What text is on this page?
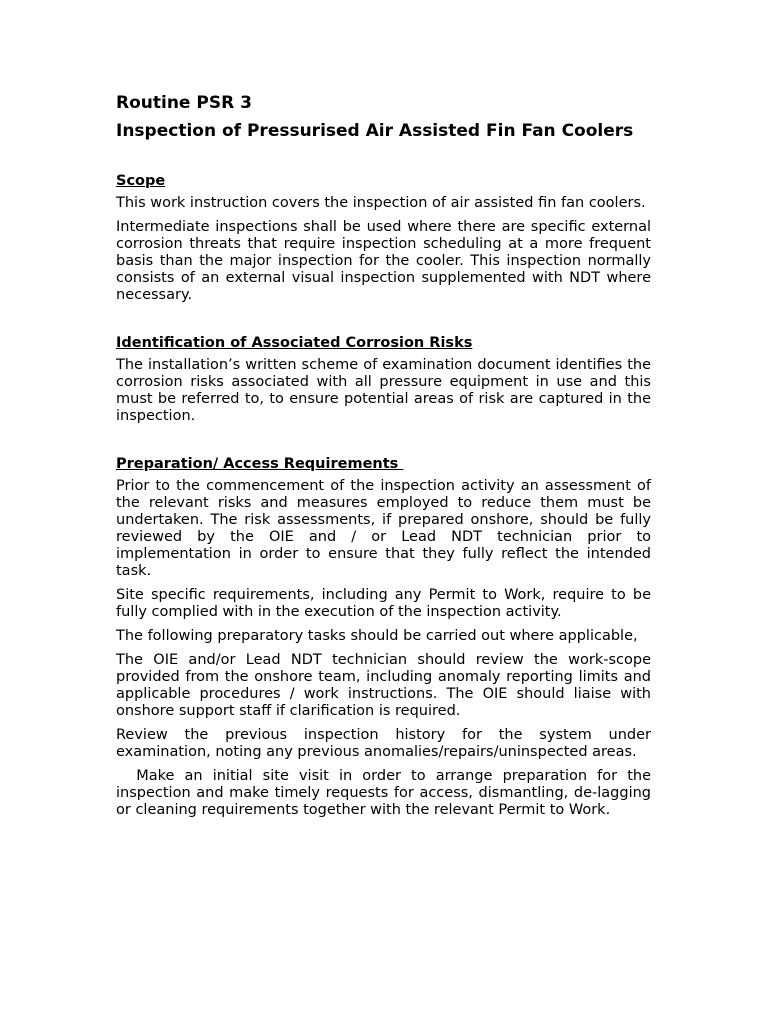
Routine PSR 3
Inspection of Pressurised Air Assisted Fin Fan Coolers
Scope

This work instruction covers the inspection of air assisted fin fan coolers.

Intermediate inspections shall be used where there are specific external corrosion threats that require inspection scheduling at a more frequent basis than the major inspection for the cooler. This inspection normally consists of an external visual inspection supplemented with NDT where necessary.

Identification of Associated Corrosion Risks

The installation’s written scheme of examination document identifies the corrosion risks associated with all pressure equipment in use and this must be referred to, to ensure potential areas of risk are captured in the inspection.

Preparation/ Access Requirements

Prior to the commencement of the inspection activity an assessment of the relevant risks and measures employed to reduce them must be undertaken. The risk assessments, if prepared onshore, should be fully reviewed by the OIE and / or Lead NDT technician prior to implementation in order to ensure that they fully reflect the intended task.

Site specific requirements, including any Permit to Work, require to be fully complied with in the execution of the inspection activity.

The following preparatory tasks should be carried out where applicable,

The OIE and/or Lead NDT technician should review the work-scope provided from the onshore team, including anomaly reporting limits and applicable procedures / work instructions. The OIE should liaise with onshore support staff if clarification is required.

Review the previous inspection history for the system under examination, noting any previous anomalies/repairs/uninspected areas.

Make an initial site visit in order to arrange preparation for the inspection and make timely requests for access, dismantling, de-lagging or cleaning requirements together with the relevant Permit to Work.
